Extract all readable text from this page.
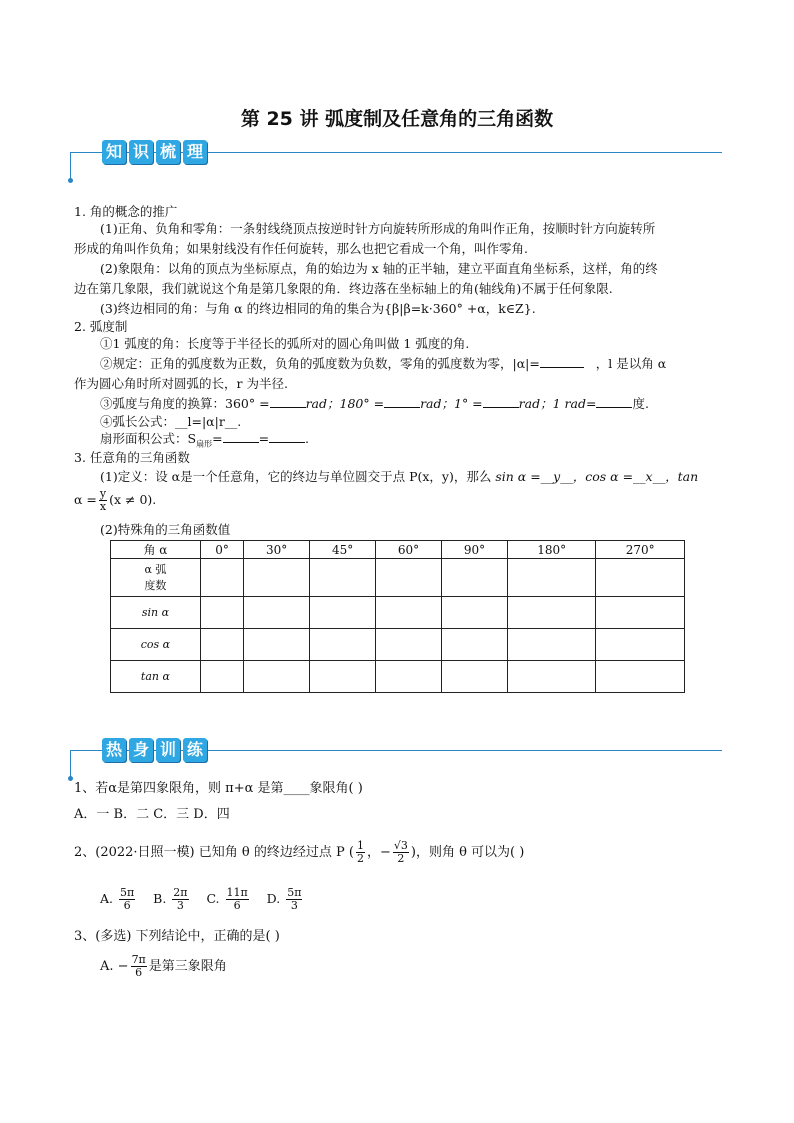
第 25 讲 弧度制及任意角的三角函数
知 识 梳 理
1. 角的概念的推广
(1)正角、负角和零角：一条射线绕顶点按逆时针方向旋转所形成的角叫作正角，按顺时针方向旋转所
形成的角叫作负角；如果射线没有作任何旋转，那么也把它看成一个角，叫作零角.
(2)象限角：以角的顶点为坐标原点，角的始边为 x 轴的正半轴，建立平面直角坐标系，这样，角的终
边在第几象限，我们就说这个角是第几象限的角．终边落在坐标轴上的角(轴线角)不属于任何象限.
(3)终边相同的角：与角 α 的终边相同的角的集合为{β|β=k·360° +α，k∈Z}.
2. 弧度制
①1 弧度的角：长度等于半径长的弧所对的圆心角叫做 1 弧度的角.
②规定：正角的弧度数为正数，负角的弧度数为负数，零角的弧度数为零，|α|=	，l 是以角 α
作为圆心角时所对圆弧的长，r 为半径.
③弧度与角度的换算：360° =	rad；180° =	rad；1° =	rad；1 rad=	度.
④弧长公式：__l=|α|r__.
扇形面积公式：$S_{扇形}=$	=	.
3. 任意角的三角函数
(1)定义：设 α是一个任意角，它的终边与单位圆交于点 P(x，y)，那么 sin α =__y__，cos α =__x__，tan
$\alpha = \frac{y}{x} (x \ne 0)$.
(2)特殊角的三角函数值
角 α	0°	30°	45°	60°	90°	180°	270°
α 弧
度数							
sin α							
cos α							
tan α							
热 身 训 练
1、若α是第四象限角，则 π+α 是第____象限角( )
A．一 B．二 C．三 D．四
2、(2022·日照一模) 已知角 θ 的终边经过点 P ( $\frac{1}{2}$ ，− $\frac{√3}{2}$ )，则角 θ 可以为( )
A. $\frac{5\pi}{6} B$. $\frac{2\pi}{3} C$. $\frac{11\pi}{6} D$. $\frac{5\pi}{3}$
3、(多选) 下列结论中，正确的是( )
A. − $\frac{7\pi}{6}$ 是第三象限角
